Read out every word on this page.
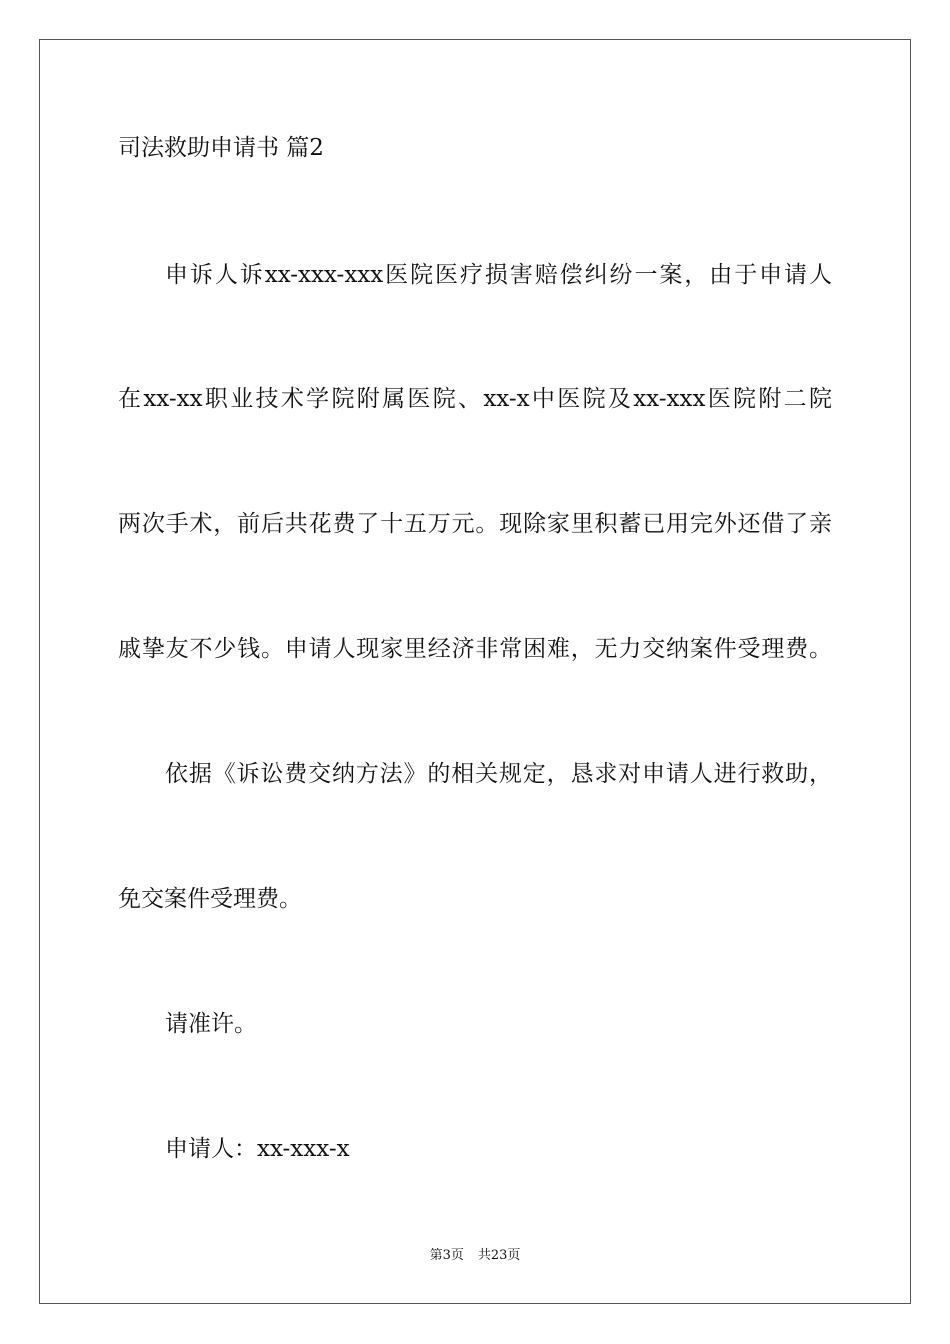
司法救助申请书 篇2
申诉人诉xx-xxx-xxx医院医疗损害赔偿纠纷一案，由于申请人
在xx-xx职业技术学院附属医院、xx-x中医院及xx-xxx医院附二院
两次手术，前后共花费了十五万元。现除家里积蓄已用完外还借了亲
戚挚友不少钱。申请人现家里经济非常困难，无力交纳案件受理费。
依据《诉讼费交纳方法》的相关规定，恳求对申请人进行救助，
免交案件受理费。
请准许。
申请人：xx-xxx-x
第3页 共23页
